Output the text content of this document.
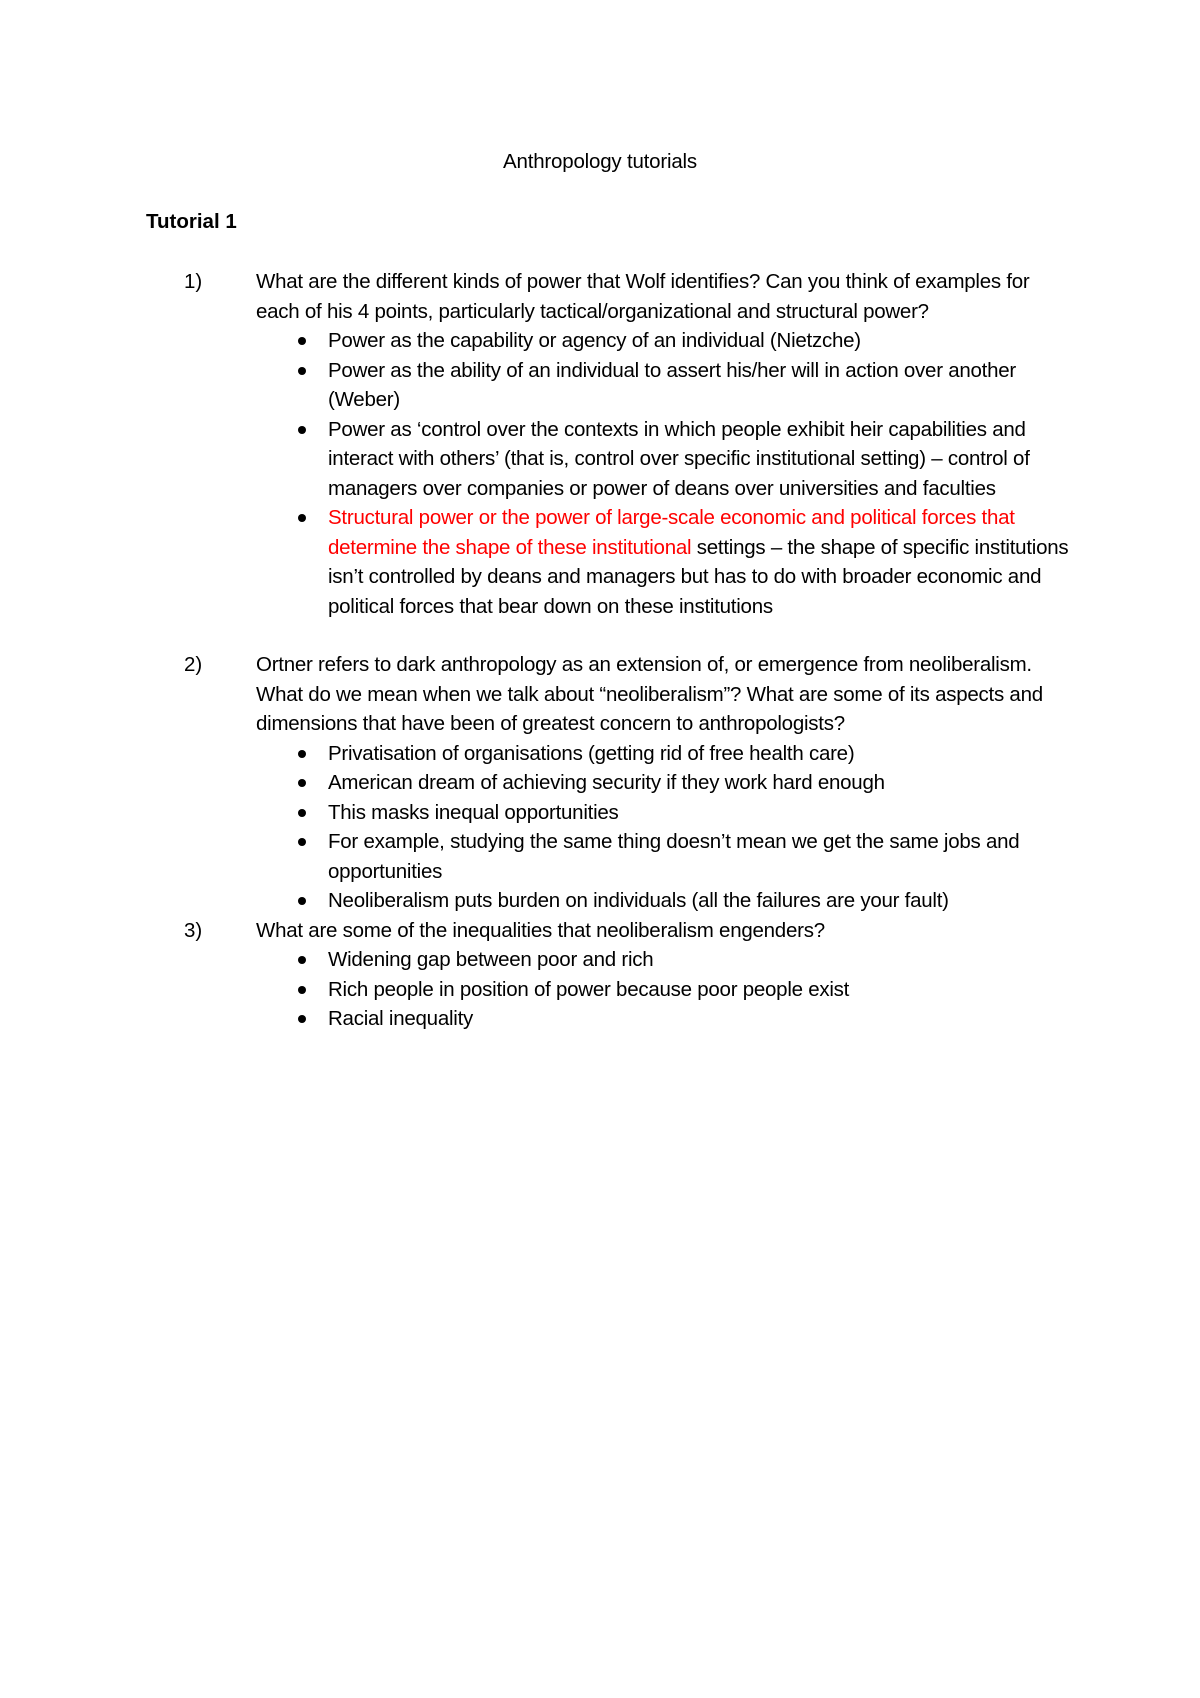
Anthropology tutorials
Tutorial 1
1)	What are the different kinds of power that Wolf identifies? Can you think of examples for each of his 4 points, particularly tactical/organizational and structural power?
Power as the capability or agency of an individual (Nietzche)
Power as the ability of an individual to assert his/her will in action over another (Weber)
Power as ‘control over the contexts in which people exhibit heir capabilities and interact with others’ (that is, control over specific institutional setting) – control of managers over companies or power of deans over universities and faculties
Structural power or the power of large-scale economic and political forces that determine the shape of these institutional settings – the shape of specific institutions isn’t controlled by deans and managers but has to do with broader economic and political forces that bear down on these institutions
2)	Ortner refers to dark anthropology as an extension of, or emergence from neoliberalism. What do we mean when we talk about “neoliberalism”? What are some of its aspects and dimensions that have been of greatest concern to anthropologists?
Privatisation of organisations (getting rid of free health care)
American dream of achieving security if they work hard enough
This masks inequal opportunities
For example, studying the same thing doesn’t mean we get the same jobs and opportunities
Neoliberalism puts burden on individuals (all the failures are your fault)
3)	What are some of the inequalities that neoliberalism engenders?
Widening gap between poor and rich
Rich people in position of power because poor people exist
Racial inequality
